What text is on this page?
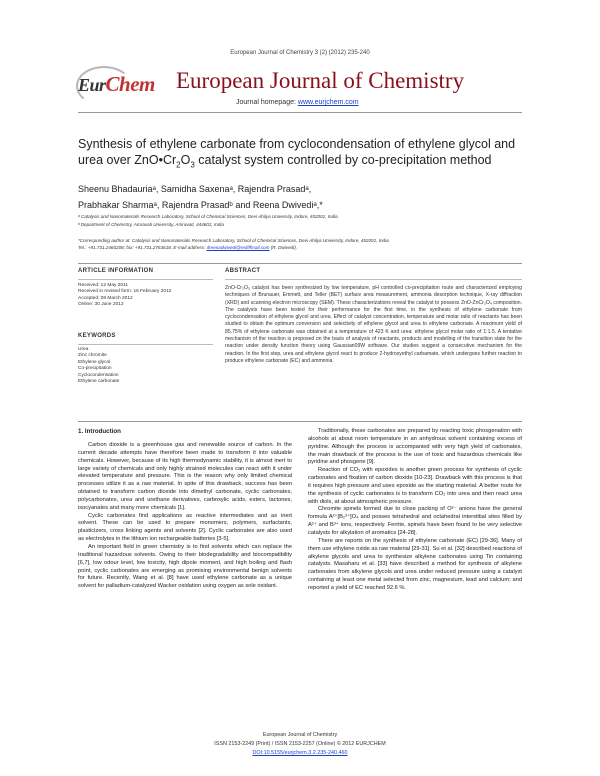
European Journal of Chemistry 3 (2) (2012) 235-240
EurChem European Journal of Chemistry
Journal homepage: www.eurjchem.com
Synthesis of ethylene carbonate from cyclocondensation of ethylene glycol and urea over $ZnO•Cr_2O_3$ catalyst system controlled by co-precipitation method
Sheenu Bhadauriaᵃ, Samidha Saxenaᵃ, Rajendra Prasadᵃ,
Prabhakar Sharmaᵃ, Rajendra Prasadᵇ and Reena Dwivediᵃ,*
ᵃ Catalysis and Nanomaterials Research Laboratory, School of Chemical Sciences, Devi Ahilya University, Indore, 452001, India
ᵇ Department of Chemistry, Amravati University, Amravati, 444602, India
*Corresponding author at: Catalysis and Nanomaterials Research Laboratory, School of Chemical Sciences, Devi Ahilya University, Indore, 452001, India.
Tel.: +91.731.2460208; fax: +91.731.2763618. E-mail address: dreenadwivedi@rediffmail.com (R. Dwivedi).
ARTICLE INFORMATION
Received: 12 May 2011
Received in revised form: 16 February 2012
Accepted: 08 March 2012
Online: 30 June 2012
KEYWORDS
Urea
Zinc chromite
Ethylene glycol
Co-precipitation
Cyclocondensation
Ethylene carbonate
ABSTRACT
ZnO-Cr₂O₃ catalyst has been synthesized by low temperature, pH controlled co-precipitation route and characterized employing techniques of Brunauer, Emmett, and Teller (BET) surface area measurement, ammonia desorption technique, X-ray diffraction (XRD) and scanning electron microscopy (SEM). These characterizations reveal the catalyst to possess ZnO-ZnCr₂O₄ composition. The catalysts have been tested for their performance for the first time, in the synthesis of ethylene carbonate from cyclocondensation of ethylene glycol and urea. Effect of catalyst concentration, temperature and molar ratio of reactants has been studied to obtain the optimum conversion and selectivity of ethylene glycol and urea to ethylene carbonate. A maximum yield of 85.75% of ethylene carbonate was obtained at a temperature of 423 K and urea: ethylene glycol molar ratio of 1:1.5. A tentative mechanism of the reaction is proposed on the basis of analysis of reactants, products and modelling of the transition state for the reaction under density function theory using Gaussian09W software. Our studies suggest a consecutive mechanism for the reaction. In the first step, urea and ethylene glycol react to produce 2-hydroxyethyl carbamate, which undergoes further reaction to produce ethylene carbonate (EC) and ammonia.
1. Introduction

Carbon dioxide is a greenhouse gas and renewable source of carbon. In the current decade attempts have therefore been made to transform it into valuable chemicals. However, because of its high thermodynamic stability, it is almost inert to large variety of chemicals and only highly strained molecules can react with it under elevated temperature and pressure. This is the reason why only limited chemical processes utilize it as a raw material. In spite of this drawback, success has been obtained to transform carbon dioxide into dimethyl carbonate, cyclic carbonates, polycarbonates, urea and urethane derivatives, carboxylic acids, esters, lactones, isocyanates and many more chemicals [1].

Cyclic carbonates find applications as reactive intermediates and as inert solvent. These can be used to prepare monomers, polymers, surfactants, plasticizers, cross linking agents and solvents [2]. Cyclic carbonates are also used as electrolytes in the lithium ion rechargeable batteries [3-5].

An important field in green chemistry is to find solvents which can replace the traditional hazardous solvents. Owing to their biodegradability and biocompatibility [6,7], low odour level, low toxicity, high dipole moment, and high boiling and flash point, cyclic carbonates are emerging as promising environmental benign solvents for future. Recently, Wang et al. [8] have used ethylene carbonate as a unique solvent for palladium-catalyzed Wacker oxidation using oxygen as sole oxidant.

Traditionally, these carbonates are prepared by reacting toxic phosgenation with alcohols at about room temperature in an anhydrous solvent containing excess of pyridine. Although the process is accompanied with very high yield of carbonates, the main drawback of the process is the use of toxic and hazardous chemicals like pyridine and phosgene [9].

Reaction of CO₂ with epoxides is another green process for synthesis of cyclic carbonates and fixation of carbon dioxide [10-23]. Drawback with this process is that it requires high pressure and uses epoxide as the starting material. A better route for the synthesis of cyclic carbonates is to transform CO₂ into urea and then react urea with diols, at about atmospheric pressure.

Chromite spinels formed due to close packing of O²⁻ anions have the general formula A²⁺[B₂³⁺]O₄ and posses tetrahedral and octahedral interstitial sites filled by A²⁺ and B³⁺ ions, respectively. Ferrite, spinels have been found to be very selective catalysts for alkylation of aromatics [24-28].

There are reports on the synthesis of ethylene carbonate (EC) [29-36]. Many of them use ethylene oxide as raw material [29-31]. Su et al. [32] described reactions of alkylene glycols and urea to synthesize alkylene carbonates using Tin containing catalysts. Masaharu et al. [33] have described a method for synthesis of alkylene carbonates from alkylene glycols and urea under reduced pressure using a catalyst containing at least one metal selected from zinc, magnesium, lead and calcium; and reported a yield of EC reached 92.6 %.

European Journal of Chemistry
ISSN 2153-2249 (Print) / ISSN 2153-2257 (Online) © 2012 EURJCHEM
DOI:10.5155/eurjchem.3.2.235-240.460
